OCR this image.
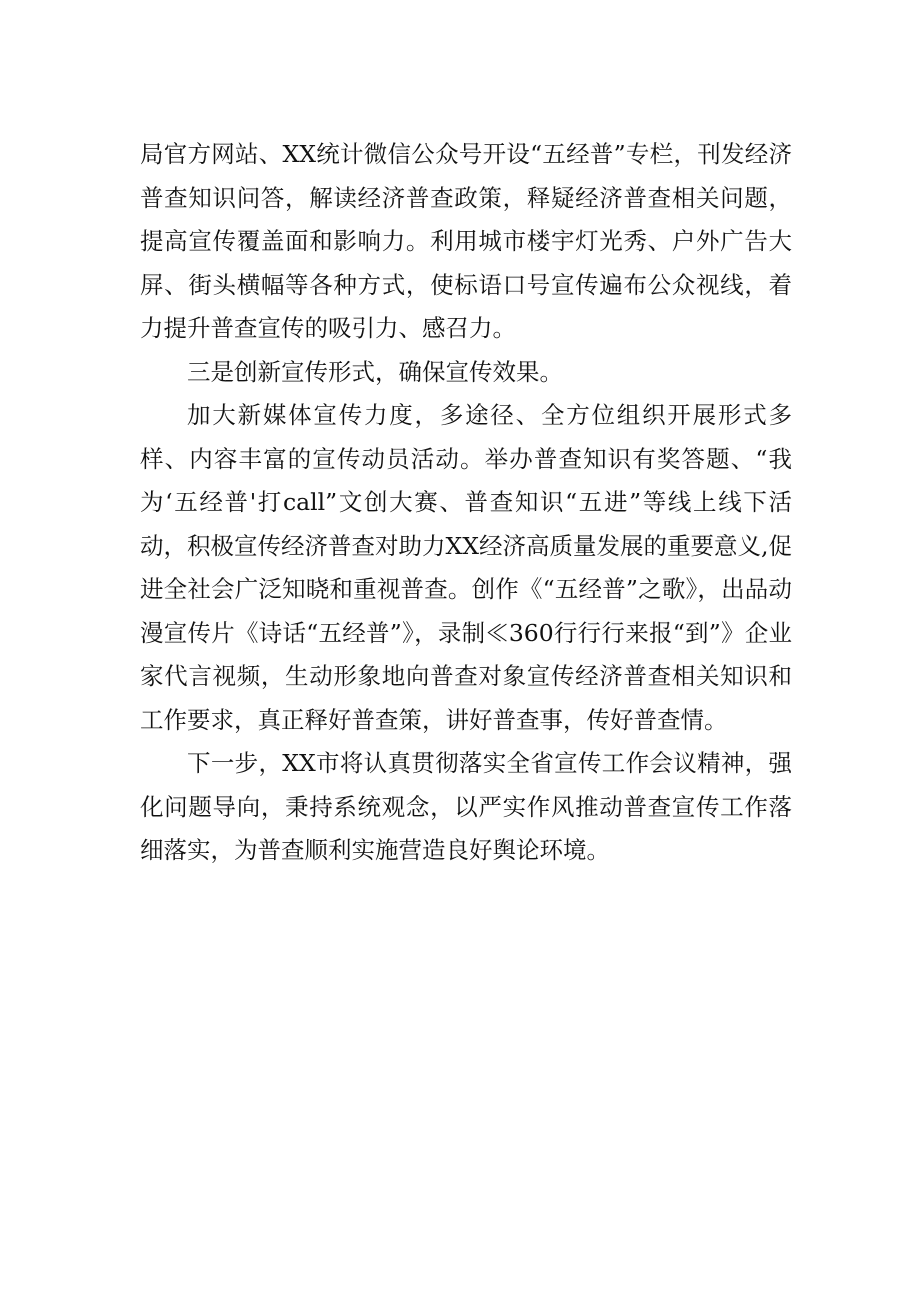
局官方网站、XX统计微信公众号开设“五经普”专栏，刊发经济普查知识问答，解读经济普查政策，释疑经济普查相关问题，提高宣传覆盖面和影响力。利用城市楼宇灯光秀、户外广告大屏、街头横幅等各种方式，使标语口号宣传遍布公众视线，着力提升普查宣传的吸引力、感召力。

三是创新宣传形式，确保宣传效果。

加大新媒体宣传力度，多途径、全方位组织开展形式多样、内容丰富的宣传动员活动。举办普查知识有奖答题、“我为‘五经普'打call”文创大赛、普查知识“五进”等线上线下活动，积极宣传经济普查对助力XX经济高质量发展的重要意义,促进全社会广泛知晓和重视普查。创作《“五经普”之歌》，出品动漫宣传片《诗话“五经普”》，录制≪360行行行来报“到”》企业家代言视频，生动形象地向普查对象宣传经济普查相关知识和工作要求，真正释好普查策，讲好普查事，传好普查情。

下一步，XX市将认真贯彻落实全省宣传工作会议精神，强化问题导向，秉持系统观念，以严实作风推动普查宣传工作落细落实，为普查顺利实施营造良好舆论环境。
